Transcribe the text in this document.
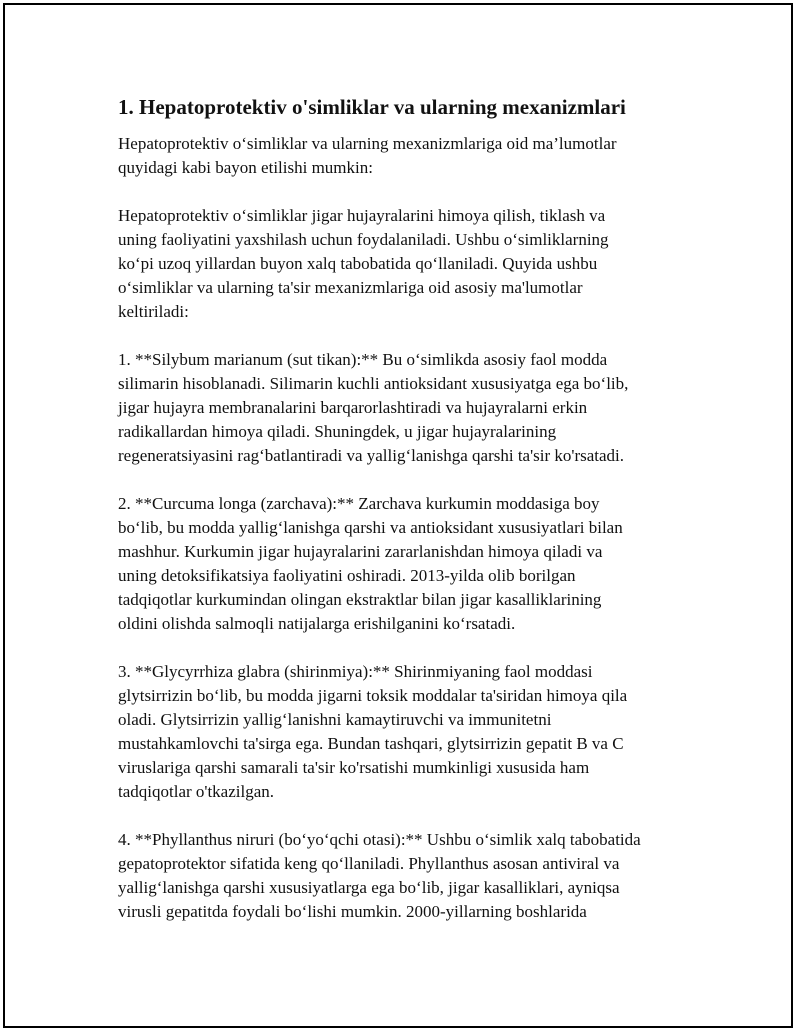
1. Hepatoprotektiv o'simliklar va ularning mexanizmlari

Hepatoprotektiv o‘simliklar va ularning mexanizmlariga oid ma’lumotlar
quyidagi kabi bayon etilishi mumkin:

Hepatoprotektiv o‘simliklar jigar hujayralarini himoya qilish, tiklash va
uning faoliyatini yaxshilash uchun foydalaniladi. Ushbu o‘simliklarning
ko‘pi uzoq yillardan buyon xalq tabobatida qo‘llaniladi. Quyida ushbu
o‘simliklar va ularning ta'sir mexanizmlariga oid asosiy ma'lumotlar
keltiriladi:

1. **Silybum marianum (sut tikan):** Bu o‘simlikda asosiy faol modda
silimarin hisoblanadi. Silimarin kuchli antioksidant xususiyatga ega bo‘lib,
jigar hujayra membranalarini barqarorlashtiradi va hujayralarni erkin
radikallardan himoya qiladi. Shuningdek, u jigar hujayralarining
regeneratsiyasini rag‘batlantiradi va yallig‘lanishga qarshi ta'sir ko'rsatadi.

2. **Curcuma longa (zarchava):** Zarchava kurkumin moddasiga boy
bo‘lib, bu modda yallig‘lanishga qarshi va antioksidant xususiyatlari bilan
mashhur. Kurkumin jigar hujayralarini zararlanishdan himoya qiladi va
uning detoksifikatsiya faoliyatini oshiradi. 2013-yilda olib borilgan
tadqiqotlar kurkumindan olingan ekstraktlar bilan jigar kasalliklarining
oldini olishda salmoqli natijalarga erishilganini ko‘rsatadi.

3. **Glycyrrhiza glabra (shirinmiya):** Shirinmiyaning faol moddasi
glytsirrizin bo‘lib, bu modda jigarni toksik moddalar ta'siridan himoya qila
oladi. Glytsirrizin yallig‘lanishni kamaytiruvchi va immunitetni
mustahkamlovchi ta'sirga ega. Bundan tashqari, glytsirrizin gepatit B va C
viruslariga qarshi samarali ta'sir ko'rsatishi mumkinligi xususida ham
tadqiqotlar o'tkazilgan.

4. **Phyllanthus niruri (bo‘yo‘qchi otasi):** Ushbu o‘simlik xalq tabobatida
gepatoprotektor sifatida keng qo‘llaniladi. Phyllanthus asosan antiviral va
yallig‘lanishga qarshi xususiyatlarga ega bo‘lib, jigar kasalliklari, ayniqsa
virusli gepatitda foydali bo‘lishi mumkin. 2000-yillarning boshlarida
